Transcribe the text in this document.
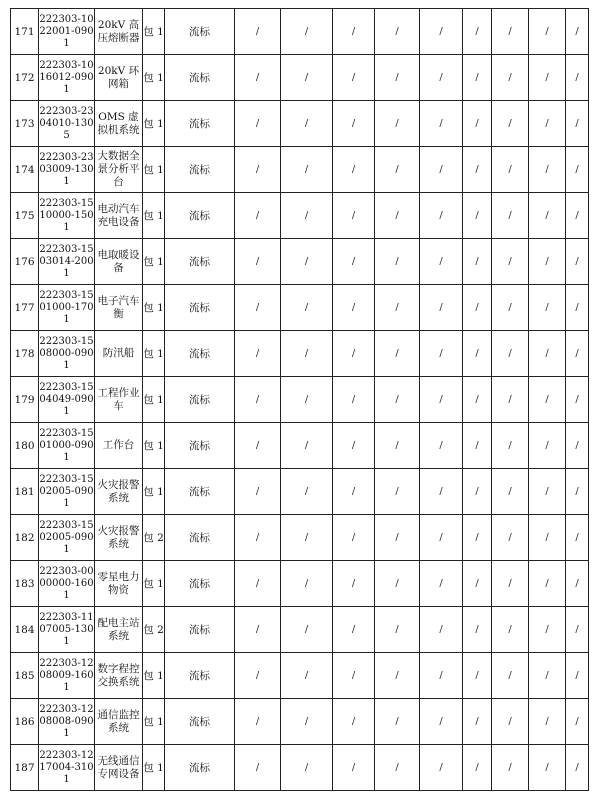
171	222303-1022001-0901	20kV 高压熔断器	包 1	流标	/	/	/	/	/	/	/	/	/
172	222303-1016012-0901	20kV 环网箱	包 1	流标	/	/	/	/	/	/	/	/	/
173	222303-2304010-1305	OMS 虚拟机系统	包 1	流标	/	/	/	/	/	/	/	/	/
174	222303-2303009-1301	大数据全景分析平台	包 1	流标	/	/	/	/	/	/	/	/	/
175	222303-1510000-1501	电动汽车充电设备	包 1	流标	/	/	/	/	/	/	/	/	/
176	222303-1503014-2001	电取暖设备	包 1	流标	/	/	/	/	/	/	/	/	/
177	222303-1501000-1701	电子汽车衡	包 1	流标	/	/	/	/	/	/	/	/	/
178	222303-1508000-0901	防汛船	包 1	流标	/	/	/	/	/	/	/	/	/
179	222303-1504049-0901	工程作业车	包 1	流标	/	/	/	/	/	/	/	/	/
180	222303-1501000-0901	工作台	包 1	流标	/	/	/	/	/	/	/	/	/
181	222303-1502005-0901	火灾报警系统	包 1	流标	/	/	/	/	/	/	/	/	/
182	222303-1502005-0901	火灾报警系统	包 2	流标	/	/	/	/	/	/	/	/	/
183	222303-0000000-1601	零星电力物资	包 1	流标	/	/	/	/	/	/	/	/	/
184	222303-1107005-1301	配电主站系统	包 2	流标	/	/	/	/	/	/	/	/	/
185	222303-1208009-1601	数字程控交换系统	包 1	流标	/	/	/	/	/	/	/	/	/
186	222303-1208008-0901	通信监控系统	包 1	流标	/	/	/	/	/	/	/	/	/
187	222303-1217004-3101	无线通信专网设备	包 1	流标	/	/	/	/	/	/	/	/	/
